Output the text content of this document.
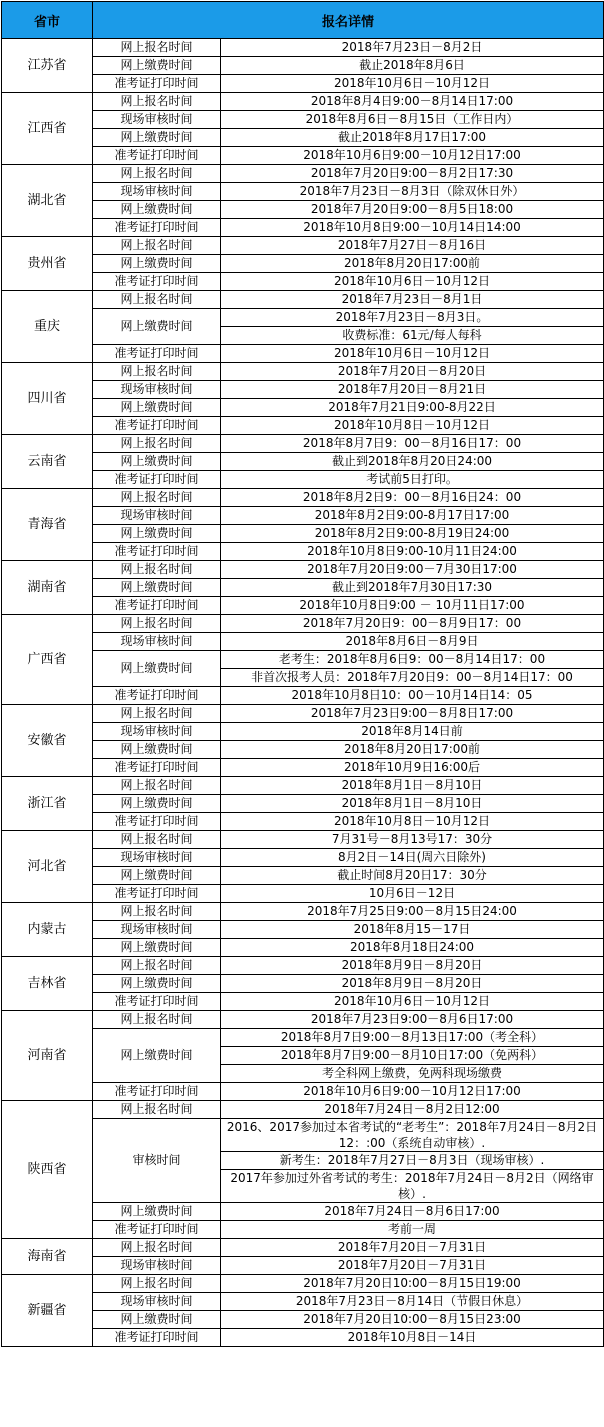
省市	报名详情	
江苏省	网上报名时间	2018年7月23日－8月2日
	网上缴费时间	截止2018年8月6日
	准考证打印时间	2018年10月6日－10月12日
江西省	网上报名时间	2018年8月4日9:00－8月14日17:00
	现场审核时间	2018年8月6日－8月15日（工作日内）
	网上缴费时间	截止2018年8月17日17:00
	准考证打印时间	2018年10月6日9:00－10月12日17:00
湖北省	网上报名时间	2018年7月20日9:00－8月2日17:30
	现场审核时间	2018年7月23日－8月3日（除双休日外）
	网上缴费时间	2018年7月20日9:00－8月5日18:00
	准考证打印时间	2018年10月8日9:00－10月14日14:00
贵州省	网上报名时间	2018年7月27日－8月16日
	网上缴费时间	2018年8月20日17:00前
	准考证打印时间	2018年10月6日－10月12日
重庆	网上报名时间	2018年7月23日－8月1日
	网上缴费时间	2018年7月23日－8月3日。
		收费标准：61元/每人每科
	准考证打印时间	2018年10月6日－10月12日
四川省	网上报名时间	2018年7月20日－8月20日
	现场审核时间	2018年7月20日－8月21日
	网上缴费时间	2018年7月21日9:00-8月22日
	准考证打印时间	2018年10月8日－10月12日
云南省	网上报名时间	2018年8月7日9：00－8月16日17：00
	网上缴费时间	截止到2018年8月20日24:00
	准考证打印时间	考试前5日打印。
青海省	网上报名时间	2018年8月2日9：00－8月16日24：00
	现场审核时间	2018年8月2日9:00-8月17日17:00
	网上缴费时间	2018年8月2日9:00-8月19日24:00
	准考证打印时间	2018年10月8日9:00-10月11日24:00
湖南省	网上报名时间	2018年7月20日9:00－7月30日17:00
	网上缴费时间	截止到2018年7月30日17:30
	准考证打印时间	2018年10月8日9:00 － 10月11日17:00
广西省	网上报名时间	2018年7月20日9：00－8月9日17：00
	现场审核时间	2018年8月6日－8月9日
	网上缴费时间	老考生：2018年8月6日9：00－8月14日17：00
		非首次报考人员：2018年7月20日9：00－8月14日17：00
	准考证打印时间	2018年10月8日10：00－10月14日14：05
安徽省	网上报名时间	2018年7月23日9:00－8月8日17:00
	现场审核时间	2018年8月14日前
	网上缴费时间	2018年8月20日17:00前
	准考证打印时间	2018年10月9日16:00后
浙江省	网上报名时间	2018年8月1日－8月10日
	网上缴费时间	2018年8月1日－8月10日
	准考证打印时间	2018年10月8日－10月12日
河北省	网上报名时间	7月31号－8月13号17：30分
	现场审核时间	8月2日－14日(周六日除外)
	网上缴费时间	截止时间8月20日17：30分
	准考证打印时间	10月6日－12日
内蒙古	网上报名时间	2018年7月25日9:00－8月15日24:00
	现场审核时间	2018年8月15－17日
	网上缴费时间	2018年8月18日24:00
吉林省	网上报名时间	2018年8月9日－8月20日
	网上缴费时间	2018年8月9日－8月20日
	准考证打印时间	2018年10月6日－10月12日
河南省	网上报名时间	2018年7月23日9:00－8月6日17:00
	网上缴费时间	2018年8月7日9:00－8月13日17:00（考全科）
		2018年8月7日9:00－8月10日17:00（免两科）
		考全科网上缴费，免两科现场缴费
	准考证打印时间	2018年10月6日9:00－10月12日17:00
陕西省	网上报名时间	2018年7月24日－8月2日12:00
	审核时间	2016、2017参加过本省考试的“老考生”：2018年7月24日－8月2日12：:00（系统自动审核）.
		新考生：2018年7月27日－8月3日（现场审核）.
		2017年参加过外省考试的考生：2018年7月24日－8月2日（网络审核）.
	网上缴费时间	2018年7月24日－8月6日17:00
	准考证打印时间	考前一周
海南省	网上报名时间	2018年7月20日－7月31日
	现场审核时间	2018年7月20日－7月31日
新疆省	网上报名时间	2018年7月20日10:00－8月15日19:00
	现场审核时间	2018年7月23日－8月14日（节假日休息）
	网上缴费时间	2018年7月20日10:00－8月15日23:00
	准考证打印时间	2018年10月8日－14日
